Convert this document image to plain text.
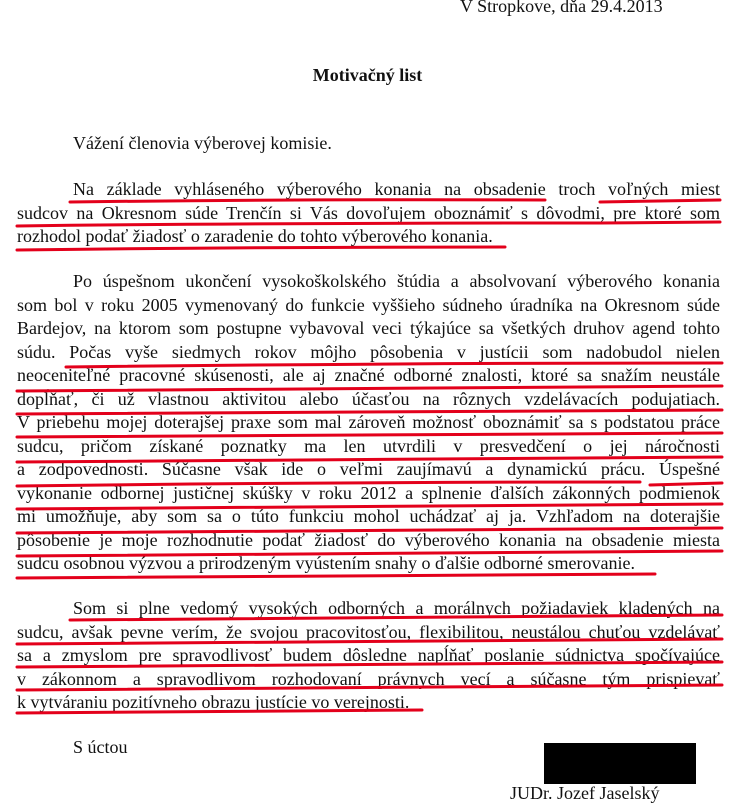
V Stropkove, dňa 29.4.2013
Motivačný list
Vážení členovia výberovej komisie.
Na základe vyhláseného výberového konania na obsadenie troch voľných miest
sudcov na Okresnom súde Trenčín si Vás dovoľujem oboznámiť s dôvodmi, pre ktoré som
rozhodol podať žiadosť o zaradenie do tohto výberového konania.
Po úspešnom ukončení vysokoškolského štúdia a absolvovaní výberového konania
som bol v roku 2005 vymenovaný do funkcie vyššieho súdneho úradníka na Okresnom súde
Bardejov, na ktorom som postupne vybavoval veci týkajúce sa všetkých druhov agend tohto
súdu. Počas vyše siedmych rokov môjho pôsobenia v justícii som nadobudol nielen
neoceniteľné pracovné skúsenosti, ale aj značné odborné znalosti, ktoré sa snažím neustále
dopĺňať, či už vlastnou aktivitou alebo účasťou na rôznych vzdelávacích podujatiach.
V priebehu mojej doterajšej praxe som mal zároveň možnosť oboznámiť sa s podstatou práce
sudcu, pričom získané poznatky ma len utvrdili v presvedčení o jej náročnosti
a zodpovednosti. Súčasne však ide o veľmi zaujímavú a dynamickú prácu. Úspešné
vykonanie odbornej justičnej skúšky v roku 2012 a splnenie ďalších zákonných podmienok
mi umožňuje, aby som sa o túto funkciu mohol uchádzať aj ja. Vzhľadom na doterajšie
pôsobenie je moje rozhodnutie podať žiadosť do výberového konania na obsadenie miesta
sudcu osobnou výzvou a prirodzeným vyústením snahy o ďalšie odborné smerovanie.
Som si plne vedomý vysokých odborných a morálnych požiadaviek kladených na
sudcu, avšak pevne verím, že svojou pracovitosťou, flexibilitou, neustálou chuťou vzdelávať
sa a zmyslom pre spravodlivosť budem dôsledne napĺňať poslanie súdnictva spočívajúce
v zákonnom a spravodlivom rozhodovaní právnych vecí a súčasne tým prispievať
k vytváraniu pozitívneho obrazu justície vo verejnosti.
S úctou
JUDr. Jozef Jaselský
